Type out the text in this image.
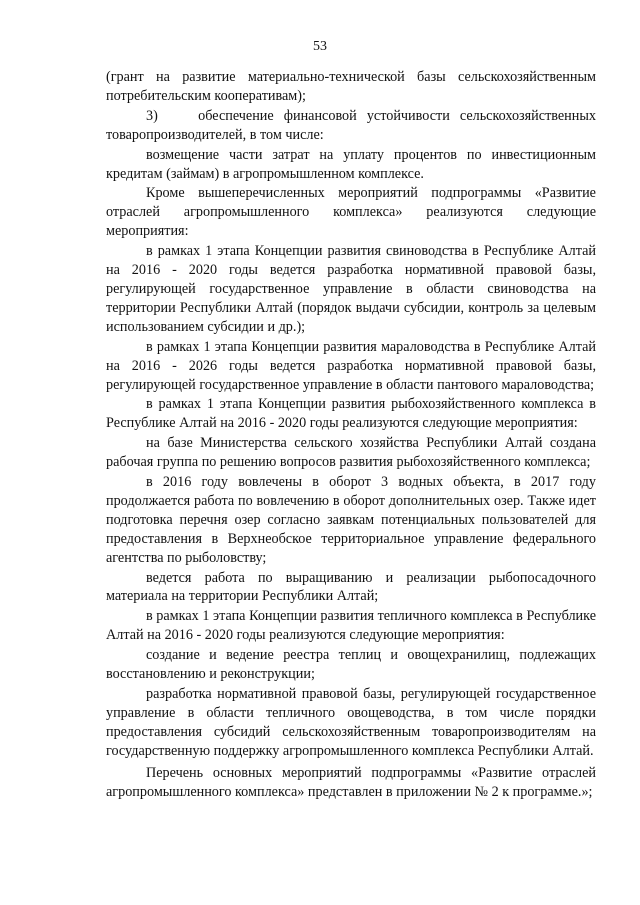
53

(грант на развитие материально-технической базы сельскохозяйственным потребительским кооперативам);

3)    обеспечение финансовой устойчивости сельскохозяйственных товаропроизводителей, в том числе:

возмещение части затрат на уплату процентов по инвестиционным кредитам (займам) в агропромышленном комплексе.

Кроме вышеперечисленных мероприятий подпрограммы «Развитие отраслей агропромышленного комплекса» реализуются следующие мероприятия:

в рамках 1 этапа Концепции развития свиноводства в Республике Алтай на 2016 - 2020 годы ведется разработка нормативной правовой базы, регулирующей государственное управление в области свиноводства на территории Республики Алтай (порядок выдачи субсидии, контроль за целевым использованием субсидии и др.);

в рамках 1 этапа Концепции развития мараловодства в Республике Алтай на 2016 - 2026 годы ведется разработка нормативной правовой базы, регулирующей государственное управление в области пантового мараловодства;

в рамках 1 этапа Концепции развития рыбохозяйственного комплекса в Республике Алтай на 2016 - 2020 годы реализуются следующие мероприятия:

на базе Министерства сельского хозяйства Республики Алтай создана рабочая группа по решению вопросов развития рыбохозяйственного комплекса;

в 2016 году вовлечены в оборот 3 водных объекта, в 2017 году продолжается работа по вовлечению в оборот дополнительных озер. Также идет подготовка перечня озер согласно заявкам потенциальных пользователей для предоставления в Верхнеобское территориальное управление федерального агентства по рыболовству;

ведется работа по выращиванию и реализации рыбопосадочного материала на территории Республики Алтай;

в рамках 1 этапа Концепции развития тепличного комплекса в Республике Алтай на 2016 - 2020 годы реализуются следующие мероприятия:

создание и ведение реестра теплиц и овощехранилищ, подлежащих восстановлению и реконструкции;

разработка нормативной правовой базы, регулирующей государственное управление в области тепличного овощеводства, в том числе порядки предоставления субсидий сельскохозяйственным товаропроизводителям на государственную поддержку агропромышленного комплекса Республики Алтай.

Перечень основных мероприятий подпрограммы «Развитие отраслей агропромышленного комплекса» представлен в приложении № 2 к программе.»;
